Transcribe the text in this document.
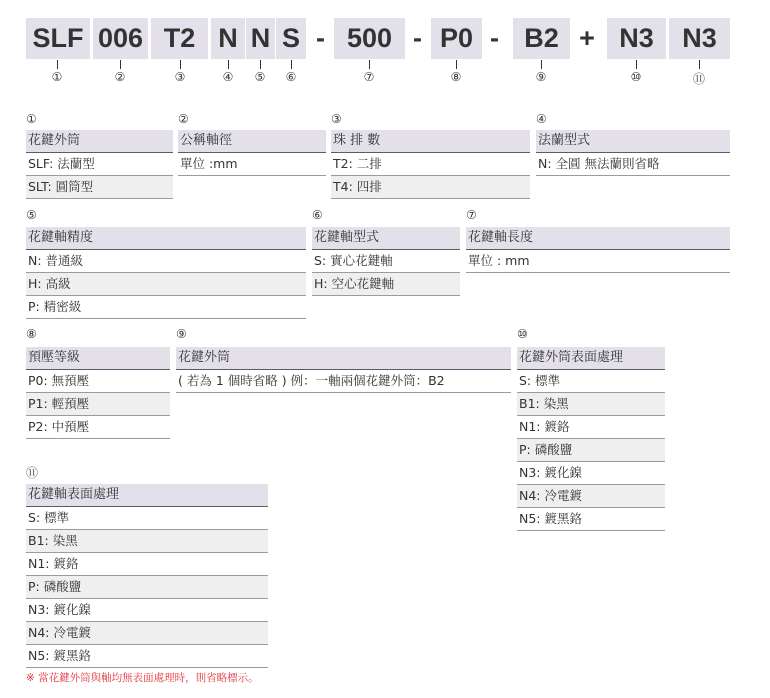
SLF 006 T2 N N S - 500 - P0 - B2 + N3	N3
①	②	③	④	⑤	⑥	⑦	⑧	⑨	⑩	⑪
①
花鍵外筒
SLF: 法蘭型
SLT: 圓筒型
②
公稱軸徑
單位 :mm
③
珠 排 數
T2: 二排
T4: 四排
④
法蘭型式
N: 全圓 無法蘭則省略
⑤
花鍵軸精度
N: 普通級
H: 高級
P: 精密級
⑥
花鍵軸型式
S: 實心花鍵軸
H: 空心花鍵軸
⑦
花鍵軸長度
單位 : mm
⑧
預壓等級
P0: 無預壓
P1: 輕預壓
P2: 中預壓
⑨
花鍵外筒
( 若為 1 個時省略 ) 例：一軸兩個花鍵外筒：B2
⑩
花鍵外筒表面處理
S: 標準
B1: 染黑
N1: 鍍鉻
P: 磷酸鹽
N3: 鍍化鎳
N4: 冷電鍍
N5: 鍍黑鉻
⑪
花鍵軸表面處理
S: 標準
B1: 染黑
N1: 鍍鉻
P: 磷酸鹽
N3: 鍍化鎳
N4: 冷電鍍
N5: 鍍黑鉻
※ 當花鍵外筒與軸均無表面處理時，則省略標示。
